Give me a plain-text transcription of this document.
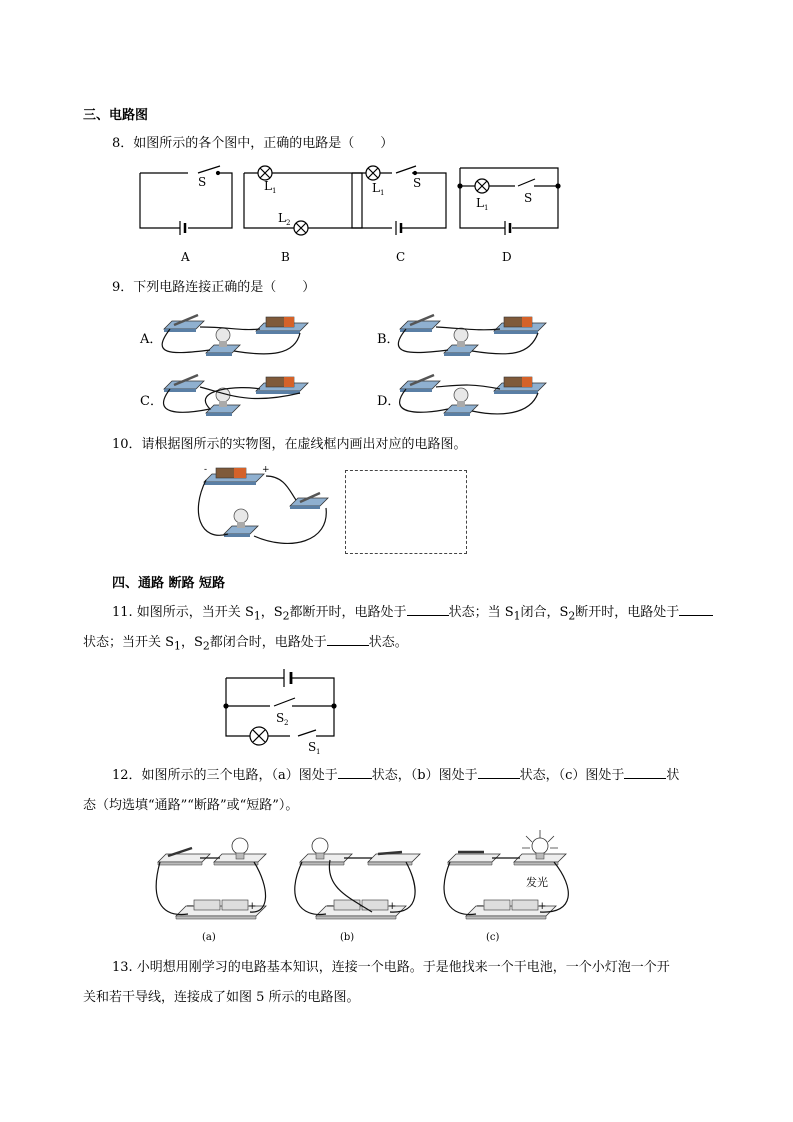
三、电路图
8．如图所示的各个图中，正确的电路是（　　）
S	L 1
L 2
L 1
S
L 1
S
A	B	C	D
9．下列电路连接正确的是（　　）
A．	B．
C．	D．
10．请根据图所示的实物图，在虚线框内画出对应的电路图。
-	+
四、通路 断路 短路
11. 如图所示，当开关 $S_1$，$S_2$都断开时，电路处于	状态；当 $S_1$闭合，$S_2$断开时，电路处于
状态；当开关 $S_1$，$S_2$都闭合时，电路处于	状态。
S 2
S 1
12．如图所示的三个电路，（a）图处于	状态，（b）图处于	状态，（c）图处于	状
态（均选填“通路”“断路”或“短路”）。
−	+	−	+	−	+
发光
(a)	(b)	(c)
13. 小明想用刚学习的电路基本知识，连接一个电路。于是他找来一个干电池，一个小灯泡一个开
关和若干导线，连接成了如图 5 所示的电路图。
